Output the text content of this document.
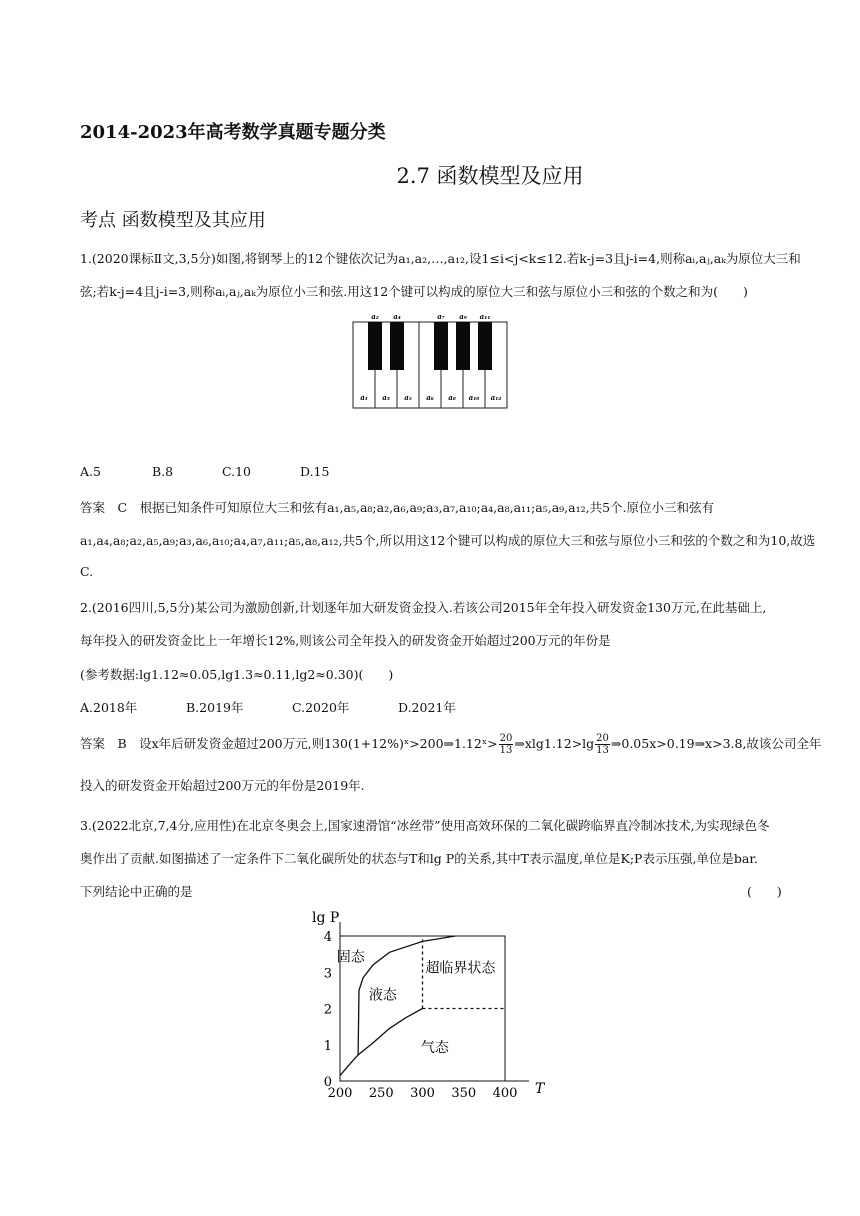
2014-2023年高考数学真题专题分类
2.7 函数模型及应用
考点 函数模型及其应用
1.(2020课标Ⅱ文,3,5分)如图,将钢琴上的12个键依次记为a₁,a₂,…,a₁₂,设1≤i<j<k≤12.若k-j=3且j-i=4,则称aᵢ,aⱼ,aₖ为原位大三和
弦;若k-j=4且j-i=3,则称aᵢ,aⱼ,aₖ为原位小三和弦.用这12个键可以构成的原位大三和弦与原位小三和弦的个数之和为(　　)
a₁ a₃ a₅ a₆ a₈ a₁₀ a₁₂
a₂ a₄	a₇ a₉ a₁₁
A.5	B.8	C.10	D.15
答案　C　根据已知条件可知原位大三和弦有a₁,a₅,a₈;a₂,a₆,a₉;a₃,a₇,a₁₀;a₄,a₈,a₁₁;a₅,a₉,a₁₂,共5个.原位小三和弦有
a₁,a₄,a₈;a₂,a₅,a₉;a₃,a₆,a₁₀;a₄,a₇,a₁₁;a₅,a₈,a₁₂,共5个,所以用这12个键可以构成的原位大三和弦与原位小三和弦的个数之和为10,故选
C.
2.(2016四川,5,5分)某公司为激励创新,计划逐年加大研发资金投入.若该公司2015年全年投入研发资金130万元,在此基础上,
每年投入的研发资金比上一年增长12%,则该公司全年投入的研发资金开始超过200万元的年份是
(参考数据:lg1.12≈0.05,lg1.3≈0.11,lg2≈0.30)(　　)
A.2018年	B.2019年	C.2020年	D.2021年
答案　B　设x年后研发资金超过200万元,则130(1+12%)ˣ>200⇒1.12ˣ> $\frac{20}{13}$ ⇒xlg1.12>lg $\frac{20}{13}$ ⇒0.05x>0.19⇒x>3.8,故该公司全年
投入的研发资金开始超过200万元的年份是2019年.
3.(2022北京,7,4分,应用性)在北京冬奥会上,国家速滑馆“冰丝带”使用高效环保的二氧化碳跨临界直冷制冰技术,为实现绿色冬
奥作出了贡献.如图描述了一定条件下二氧化碳所处的状态与T和lg P的关系,其中T表示温度,单位是K;P表示压强,单位是bar.
下列结论中正确的是	(　　)
200 250 300 350 400
0
1
2
3
4
T
lg P
固态
液态
超临界状态
气态
